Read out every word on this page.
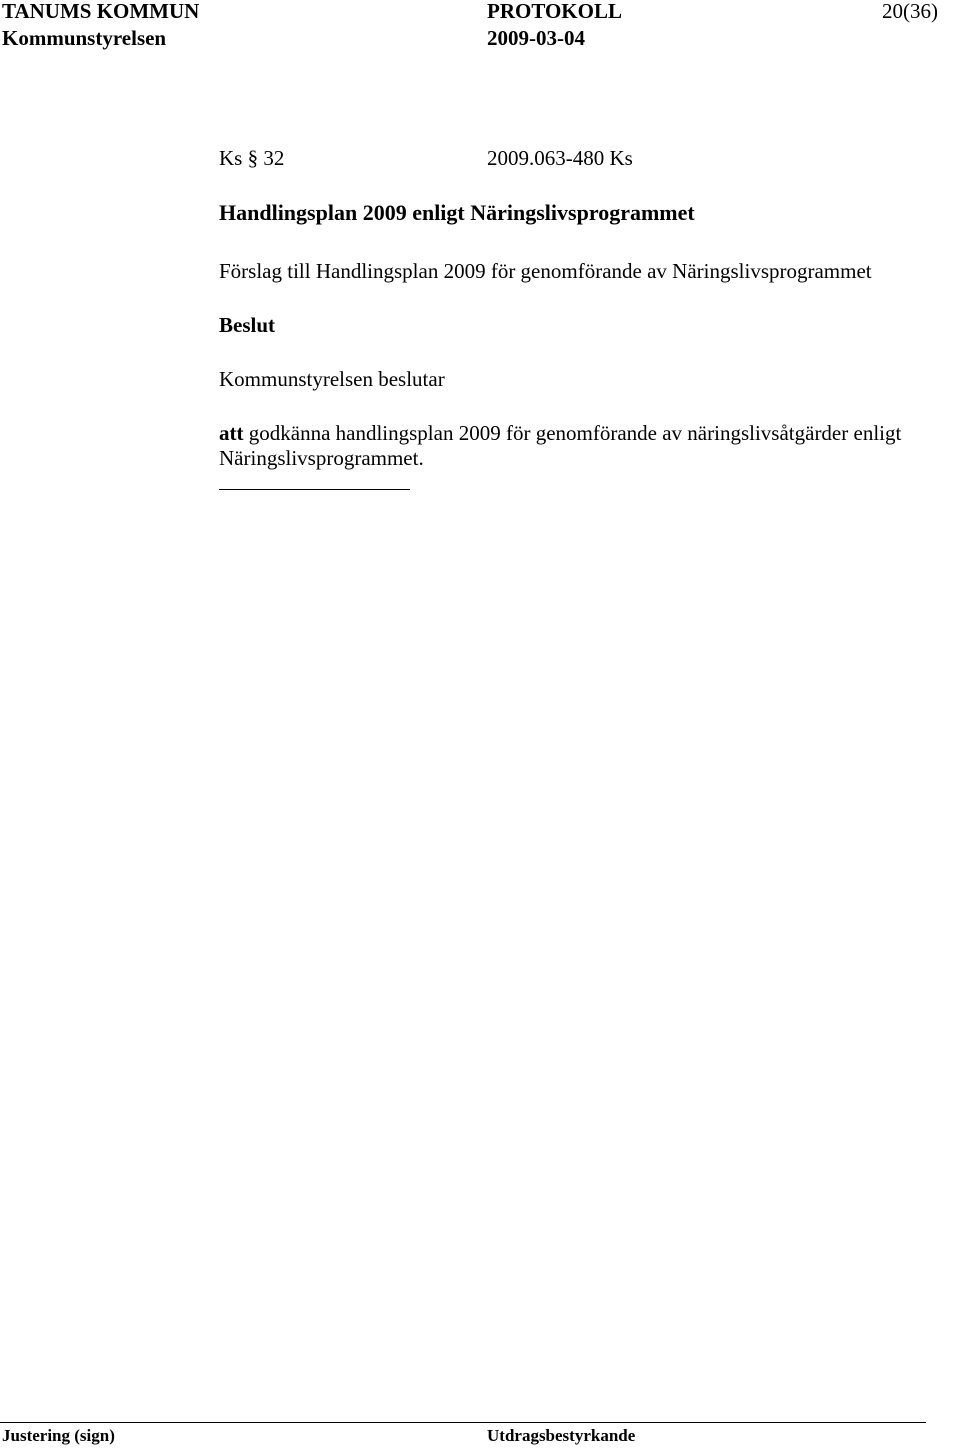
TANUMS KOMMUN	PROTOKOLL	20(36)
Kommunstyrelsen	2009-03-04
Ks § 32	2009.063-480 Ks
Handlingsplan 2009 enligt Näringslivsprogrammet
Förslag till Handlingsplan 2009 för genomförande av Näringslivsprogrammet
Beslut
Kommunstyrelsen beslutar
att godkänna handlingsplan 2009 för genomförande av näringslivsåtgärder enligt
Näringslivsprogrammet.
Justering (sign)	Utdragsbestyrkande
